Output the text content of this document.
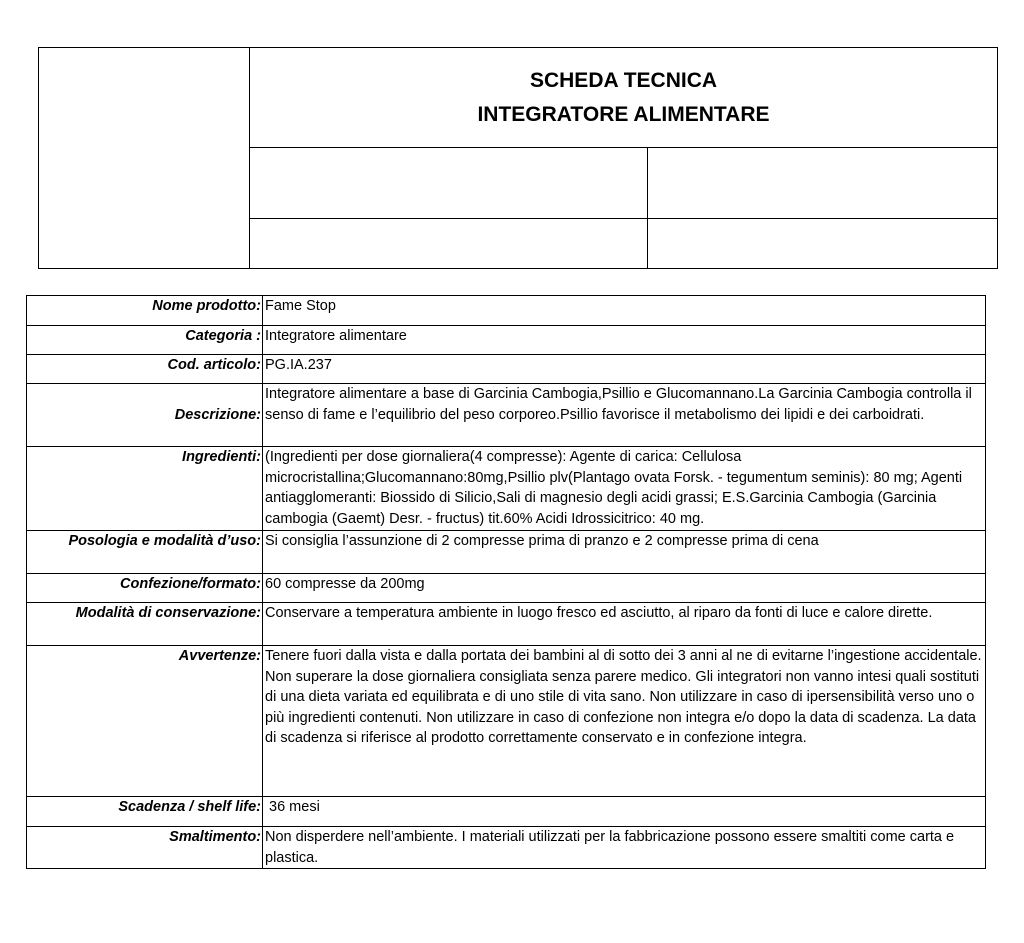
SCHEDA TECNICA
INTEGRATORE ALIMENTARE
Nome prodotto:	Fame Stop
Categoria :	Integratore alimentare
Cod. articolo:	PG.IA.237
Descrizione:	Integratore alimentare a base di Garcinia Cambogia,Psillio e Glucomannano.La Garcinia Cambogia controlla il senso di fame e l’equilibrio del peso corporeo.Psillio favorisce il metabolismo dei lipidi e dei carboidrati.
Ingredienti:	(Ingredienti per dose giornaliera(4 compresse): Agente di carica: Cellulosa microcristallina;Glucomannano:80mg,Psillio plv(Plantago ovata Forsk. - tegumentum seminis): 80 mg; Agenti antiagglomeranti: Biossido di Silicio,Sali di magnesio degli acidi grassi; E.S.Garcinia Cambogia (Garcinia cambogia (Gaemt) Desr. - fructus) tit.60% Acidi Idrossicitrico: 40 mg.
Posologia e modalità d’uso:	Si consiglia l’assunzione di 2 compresse prima di pranzo e 2 compresse prima di cena
Confezione/formato:	60 compresse da 200mg
Modalità di conservazione:	Conservare a temperatura ambiente in luogo fresco ed asciutto, al riparo da fonti di luce e calore dirette.
Avvertenze:	Tenere fuori dalla vista e dalla portata dei bambini al di sotto dei 3 anni al ne di evitarne l’ingestione accidentale. Non superare la dose giornaliera consigliata senza parere medico. Gli integratori non vanno intesi quali sostituti di una dieta variata ed equilibrata e di uno stile di vita sano. Non utilizzare in caso di ipersensibilità verso uno o più ingredienti contenuti. Non utilizzare in caso di confezione non integra e/o dopo la data di scadenza. La data di scadenza si riferisce al prodotto correttamente conservato e in confezione integra.
Scadenza / shelf life:	36 mesi
Smaltimento:	Non disperdere nell’ambiente. I materiali utilizzati per la fabbricazione possono essere smaltiti come carta e plastica.
